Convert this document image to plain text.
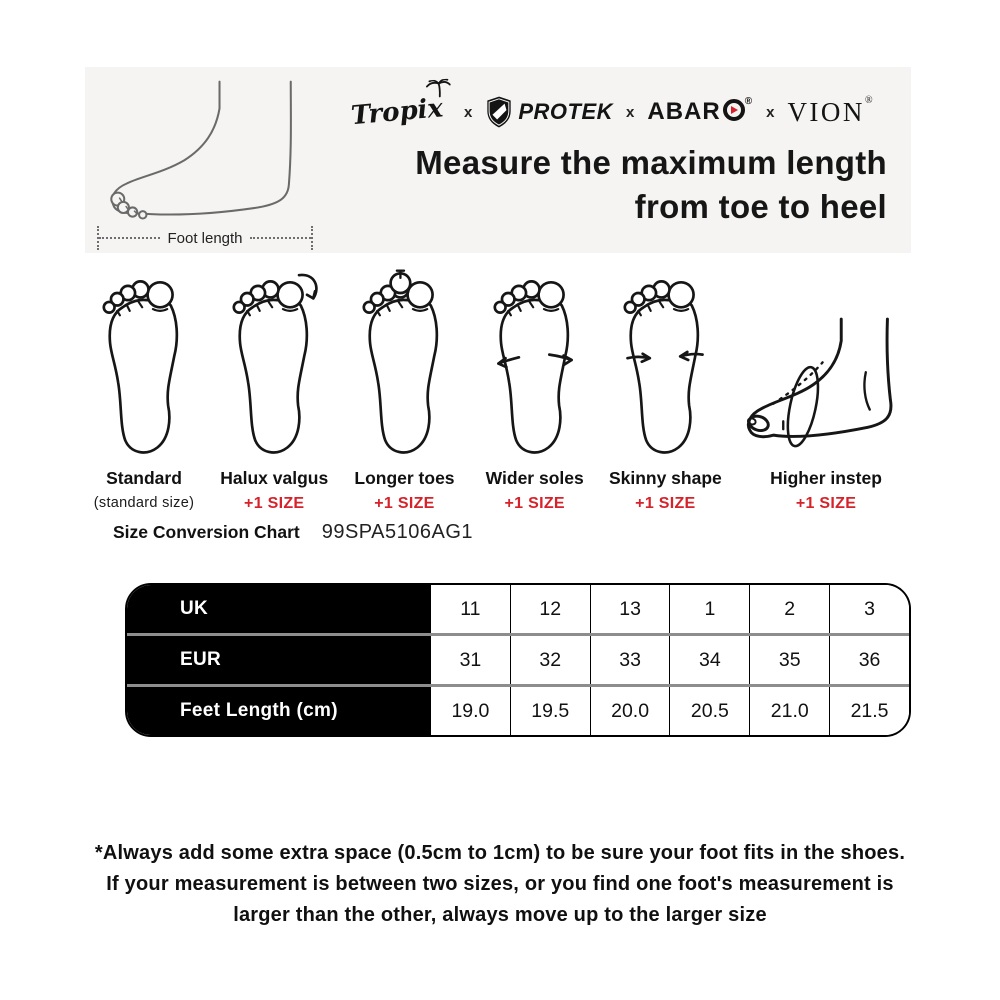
Foot length
Tropix	x PROTEK x ABAR ®
x VION ®
Measure the maximum length
from toe to heel
Standard
(standard size)
Halux valgus
+1 SIZE
Longer toes
+1 SIZE
Wider soles
+1 SIZE
Skinny shape
+1 SIZE
Higher instep
+1 SIZE
Size Conversion Chart 99SPA5106AG1
UK	11	12	13	1	2	3
EUR	31	32	33	34	35	36
Feet Length (cm)	19.0	19.5	20.0	20.5	21.0	21.5
*Always add some extra space (0.5cm to 1cm) to be sure your foot fits in the shoes.
If your measurement is between two sizes, or you find one foot's measurement is
larger than the other, always move up to the larger size
